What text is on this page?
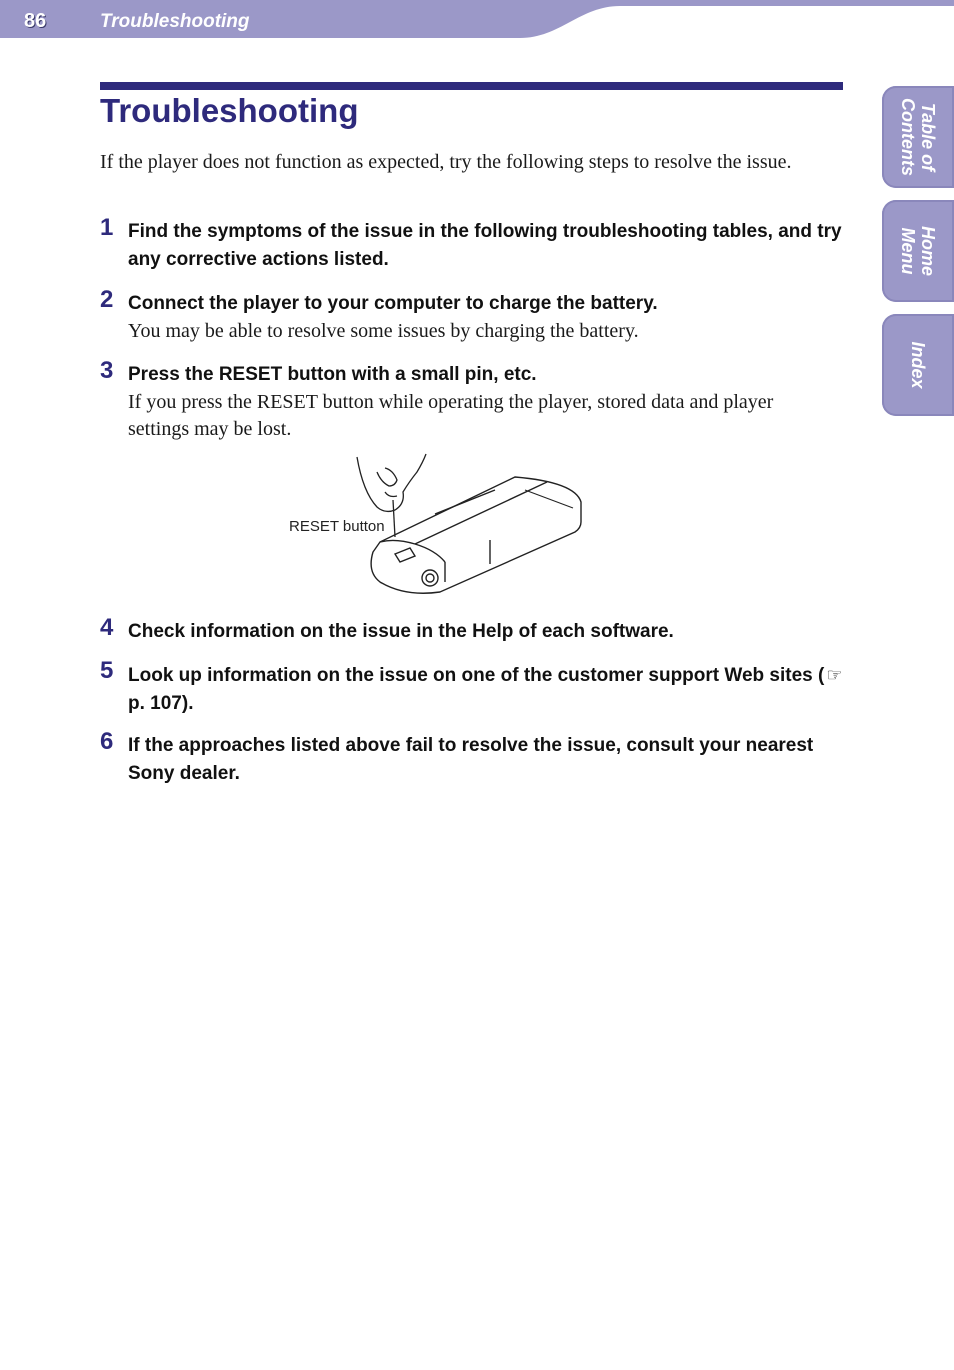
86	Troubleshooting
Troubleshooting

If the player does not function as expected, try the following steps to resolve the issue.

1 Find the symptoms of the issue in the following troubleshooting tables, and try any corrective actions listed.

2 Connect the player to your computer to charge the battery.

You may be able to resolve some issues by charging the battery.

3 Press the RESET button with a small pin, etc.

If you press the RESET button while operating the player, stored data and player settings may be lost.

RESET button
4 Check information on the issue in the Help of each software.

5 Look up information on the issue on one of the customer support Web sites ( ☞ p. 107).

6 If the approaches listed above fail to resolve the issue, consult your nearest Sony dealer.

Table of
Contents
Home
Menu
Index
